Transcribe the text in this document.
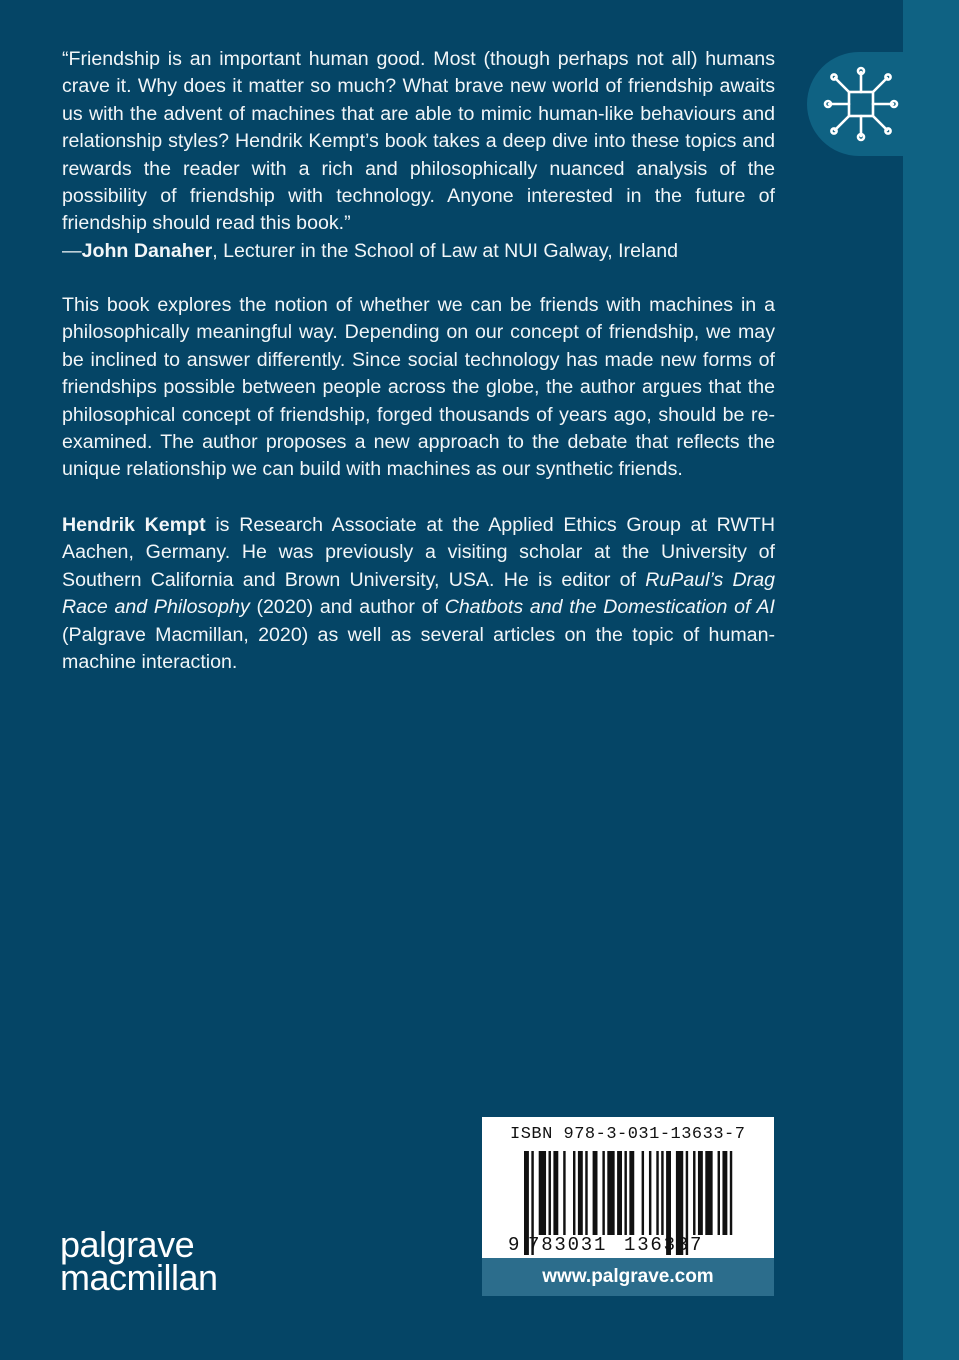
“Friendship is an important human good. Most (though perhaps not all) humans crave it. Why does it matter so much? What brave new world of friendship awaits us with the advent of machines that are able to mimic human-like behaviours and relationship styles? Hendrik Kempt’s book takes a deep dive into these topics and rewards the reader with a rich and philosophically nuanced analysis of the possibility of friendship with technology. Anyone interested in the future of friendship should read this book.”

—John Danaher, Lecturer in the School of Law at NUI Galway, Ireland

This book explores the notion of whether we can be friends with machines in a philosophically meaningful way. Depending on our concept of friendship, we may be inclined to answer differently. Since social technology has made new forms of friendships possible between people across the globe, the author argues that the philosophical concept of friendship, forged thousands of years ago, should be re-examined. The author proposes a new approach to the debate that reflects the unique relationship we can build with machines as our synthetic friends.

Hendrik Kempt is Research Associate at the Applied Ethics Group at RWTH Aachen, Germany. He was previously a visiting scholar at the University of Southern California and Brown University, USA. He is editor of RuPaul’s Drag Race and Philosophy (2020) and author of Chatbots and the Domestication of AI (Palgrave Macmillan, 2020) as well as several articles on the topic of human-machine interaction.

palgrave
macmillan
ISBN 978-3-031-13633-7
9 783031 136337
www.palgrave.com
